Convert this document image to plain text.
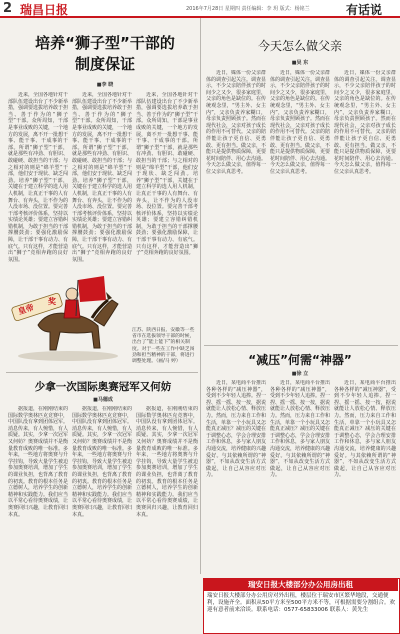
2 瑞昌日报	2016年7月28日 星期四 责任编辑：李 玥 版式：杨铭兰	有话说
培养“狮子型”干部的
制度保证
■李 晓

近来，全国各地针对干部队伍建设出台了不少新举措，强调要选拔培养敢于担当、善于作为的“狮子型”干部。众所周知，干部是事业成败的关键，一个地方的发展，离不开一批想干事、能干事、干成事的干部。所谓“狮子型”干部，就是那些有冲劲、有胆识、敢碰硬、敢担当的干部；与之相对的则是“绵羊型”干部，他们安于现状、缺乏闯劲。培养“狮子型”干部，关键在于建立科学的选人用人机制，让真正干事的人有舞台、有奔头，让不作为的人没市场、没位置。要完善干部考核评价体系，坚持以实绩论英雄；要建立容错纠错机制，为敢于担当的干部撑腰鼓劲；要强化激励保障，让干部干事有动力、有底气。只有这样，才能营造出“狮子”竞相奔跑的良好氛围。

近来，全国各地针对干部队伍建设出台了不少新举措，强调要选拔培养敢于担当、善于作为的“狮子型”干部。众所周知，干部是事业成败的关键，一个地方的发展，离不开一批想干事、能干事、干成事的干部。所谓“狮子型”干部，就是那些有冲劲、有胆识、敢碰硬、敢担当的干部；与之相对的则是“绵羊型”干部，他们安于现状、缺乏闯劲。培养“狮子型”干部，关键在于建立科学的选人用人机制，让真正干事的人有舞台、有奔头，让不作为的人没市场、没位置。要完善干部考核评价体系，坚持以实绩论英雄；要建立容错纠错机制，为敢于担当的干部撑腰鼓劲；要强化激励保障，让干部干事有动力、有底气。只有这样，才能营造出“狮子”竞相奔跑的良好氛围。

近来，全国各地针对干部队伍建设出台了不少新举措，强调要选拔培养敢于担当、善于作为的“狮子型”干部。众所周知，干部是事业成败的关键，一个地方的发展，离不开一批想干事、能干事、干成事的干部。所谓“狮子型”干部，就是那些有冲劲、有胆识、敢碰硬、敢担当的干部；与之相对的则是“绵羊型”干部，他们安于现状、缺乏闯劲。培养“狮子型”干部，关键在于建立科学的选人用人机制，让真正干事的人有舞台、有奔头，让不作为的人没市场、没位置。要完善干部考核评价体系，坚持以实绩论英雄；要建立容错纠错机制，为敢于担当的干部撑腰鼓劲；要强化激励保障，让干部干事有动力、有底气。只有这样，才能营造出“狮子”竞相奔跑的良好氛围。

皇帝
奖
江苏、陕西日报、安徽等一些省市在选拔领导干部的时候，出台了“能上能下”的相关制度。对于一些在工作中缺乏闯劲和担当精神的干部，将进行调整处理。（画/马 婷）
少拿一次国际奥赛冠军又何妨
■马德成

据报道，在刚刚结束的国际数学奥林匹克竞赛中，中国队没有拿到团体冠军。消息传来，有人惋惜，有人质疑。其实，少拿一次冠军又何妨？奥赛成绩并不是衡量教育成败的唯一标准。多年来，一些地方将奥赛与升学挂钩，导致大量学生被迫参加奥赛培训，增加了学生的课业负担，也背离了教育的初衷。教育的根本任务是立德树人，培养学生的创新精神和实践能力。我们应当以平常心看待奥赛成绩，让奥赛回归兴趣，让教育回归本真。

据报道，在刚刚结束的国际数学奥林匹克竞赛中，中国队没有拿到团体冠军。消息传来，有人惋惜，有人质疑。其实，少拿一次冠军又何妨？奥赛成绩并不是衡量教育成败的唯一标准。多年来，一些地方将奥赛与升学挂钩，导致大量学生被迫参加奥赛培训，增加了学生的课业负担，也背离了教育的初衷。教育的根本任务是立德树人，培养学生的创新精神和实践能力。我们应当以平常心看待奥赛成绩，让奥赛回归兴趣，让教育回归本真。

据报道，在刚刚结束的国际数学奥林匹克竞赛中，中国队没有拿到团体冠军。消息传来，有人惋惜，有人质疑。其实，少拿一次冠军又何妨？奥赛成绩并不是衡量教育成败的唯一标准。多年来，一些地方将奥赛与升学挂钩，导致大量学生被迫参加奥赛培训，增加了学生的课业负担，也背离了教育的初衷。教育的根本任务是立德树人，培养学生的创新精神和实践能力。我们应当以平常心看待奥赛成绩，让奥赛回归兴趣，让教育回归本真。

今天怎么做父亲
■吴 东

近日，媒体一份父亲群体的调查引起关注。调查显示，不少父亲陪伴孩子的时间少之又少，很多家庭里，父亲的角色是缺位的。在传统观念里，“男主外、女主内”，父亲负责养家糊口，母亲负责照顾孩子。然而在现代社会，父亲对孩子成长的作用不可替代。父亲的陪伴能让孩子更自信、更勇敢、更有担当。做父亲，不能只是提供物质保障，更要花时间陪伴、用心去沟通。今天怎么做父亲，值得每一位父亲认真思考。

近日，媒体一份父亲群体的调查引起关注。调查显示，不少父亲陪伴孩子的时间少之又少，很多家庭里，父亲的角色是缺位的。在传统观念里，“男主外、女主内”，父亲负责养家糊口，母亲负责照顾孩子。然而在现代社会，父亲对孩子成长的作用不可替代。父亲的陪伴能让孩子更自信、更勇敢、更有担当。做父亲，不能只是提供物质保障，更要花时间陪伴、用心去沟通。今天怎么做父亲，值得每一位父亲认真思考。

近日，媒体一份父亲群体的调查引起关注。调查显示，不少父亲陪伴孩子的时间少之又少，很多家庭里，父亲的角色是缺位的。在传统观念里，“男主外、女主内”，父亲负责养家糊口，母亲负责照顾孩子。然而在现代社会，父亲对孩子成长的作用不可替代。父亲的陪伴能让孩子更自信、更勇敢、更有担当。做父亲，不能只是提供物质保障，更要花时间陪伴、用心去沟通。今天怎么做父亲，值得每一位父亲认真思考。

“减压”何需“神器”
■徐 立

近日，某电商平台推出各种各样的“减压神器”，受到不少年轻人追捧。捏一捏、摇一摇、按一按，据说就能让人放松心情、释放压力。然而，压力来自工作和生活，单靠一个小玩具又怎能真正减压？减压的关键在于调整心态，学会合理安排工作和休息，多与家人朋友沟通交流，培养健康的兴趣爱好。与其依赖所谓的“神器”，不如从改变生活方式做起，让自己从容应对压力。

近日，某电商平台推出各种各样的“减压神器”，受到不少年轻人追捧。捏一捏、摇一摇、按一按，据说就能让人放松心情、释放压力。然而，压力来自工作和生活，单靠一个小玩具又怎能真正减压？减压的关键在于调整心态，学会合理安排工作和休息，多与家人朋友沟通交流，培养健康的兴趣爱好。与其依赖所谓的“神器”，不如从改变生活方式做起，让自己从容应对压力。

近日，某电商平台推出各种各样的“减压神器”，受到不少年轻人追捧。捏一捏、摇一摇、按一按，据说就能让人放松心情、释放压力。然而，压力来自工作和生活，单靠一个小玩具又怎能真正减压？减压的关键在于调整心态，学会合理安排工作和休息，多与家人朋友沟通交流，培养健康的兴趣爱好。与其依赖所谓的“神器”，不如从改变生活方式做起，让自己从容应对压力。

瑞安日报大楼部分办公用房出租
瑞安日报大楼部分办公用房对外出租，楼层位于瑞安市区繁华地段，交通便利，设施齐全。面积从50平方米至500平方米不等，可根据需要分割组合。欢迎有意者前来洽谈。联系电话：0577-65833006 联系人：黄先生
